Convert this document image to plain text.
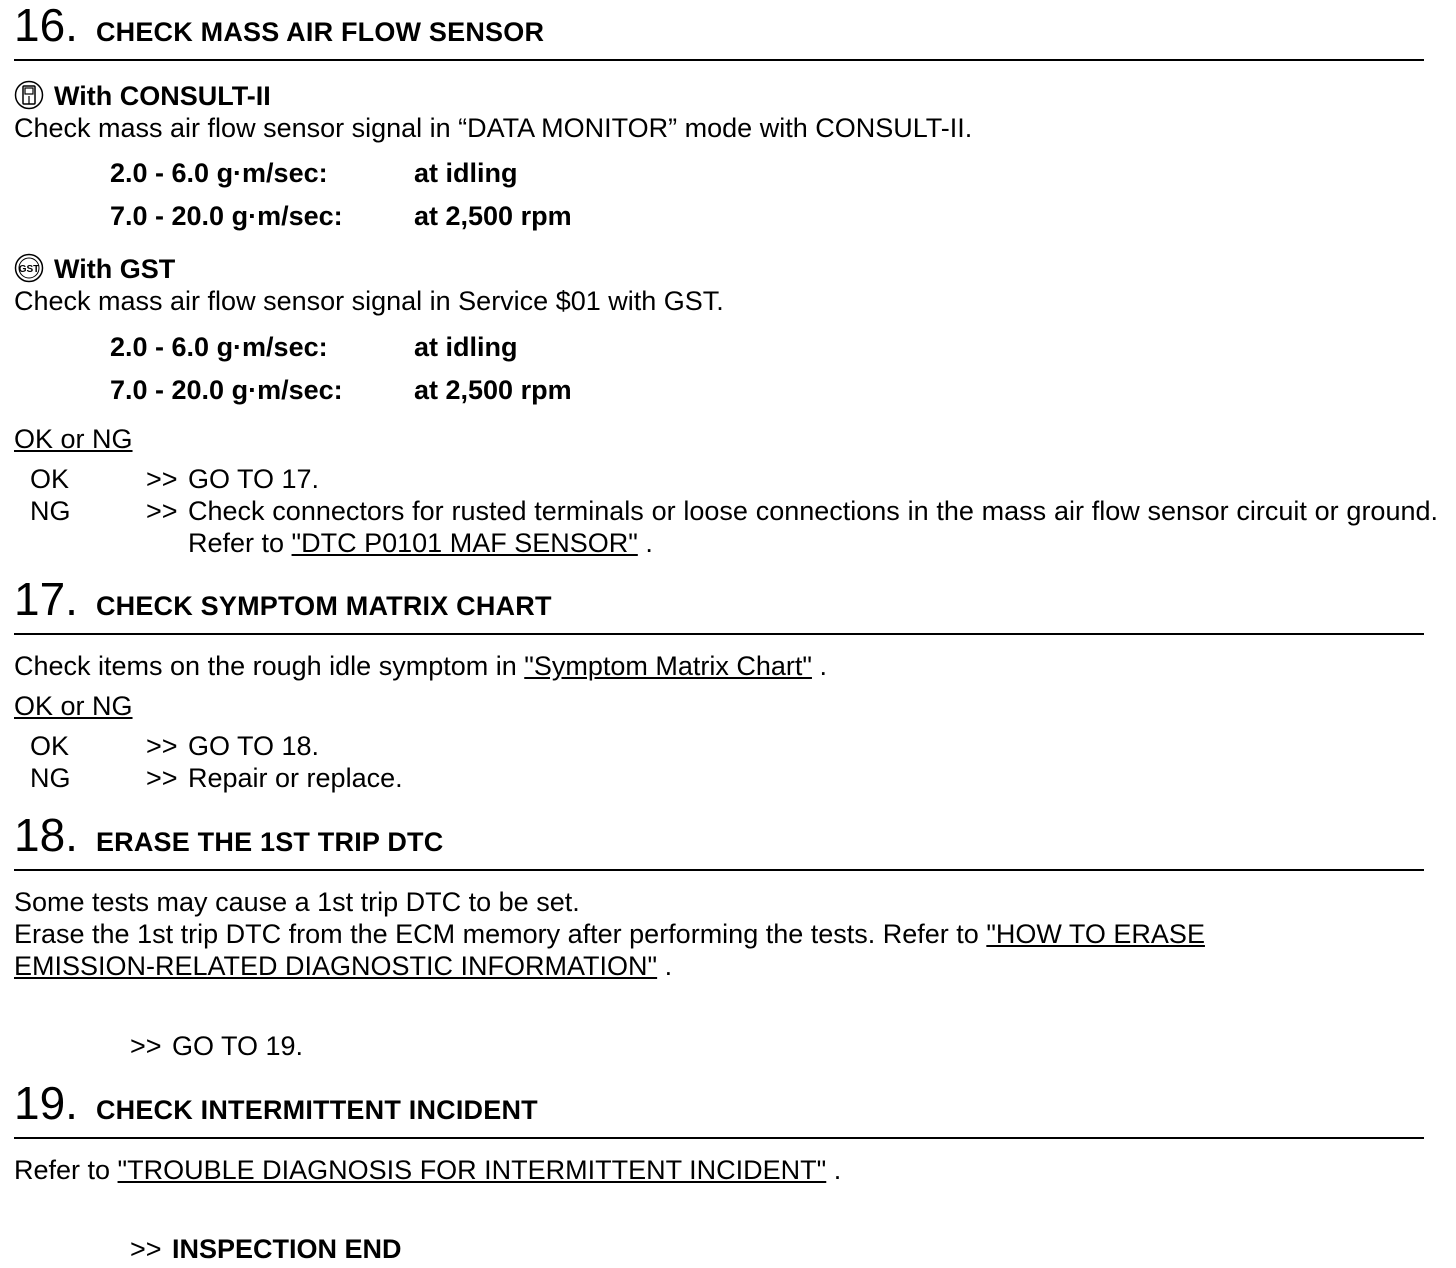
16. CHECK MASS AIR FLOW SENSOR
With CONSULT-II
Check mass air flow sensor signal in “DATA MONITOR” mode with CONSULT-II.
2.0 - 6.0 g·m/sec:	at idling
7.0 - 20.0 g·m/sec:	at 2,500 rpm
GST With GST
Check mass air flow sensor signal in Service $01 with GST.
2.0 - 6.0 g·m/sec:	at idling
7.0 - 20.0 g·m/sec:	at 2,500 rpm
OK or NG
OK	>> GO TO 17.
NG	>> Check connectors for rusted terminals or loose connections in the mass air flow sensor circuit or ground. Refer to "DTC P0101 MAF SENSOR" .
17. CHECK SYMPTOM MATRIX CHART
Check items on the rough idle symptom in "Symptom Matrix Chart" .
OK or NG
OK	>> GO TO 18.
NG	>> Repair or replace.
18. ERASE THE 1ST TRIP DTC
Some tests may cause a 1st trip DTC to be set.
Erase the 1st trip DTC from the ECM memory after performing the tests. Refer to "HOW TO ERASE
EMISSION-RELATED DIAGNOSTIC INFORMATION" .
>> GO TO 19.
19. CHECK INTERMITTENT INCIDENT
Refer to "TROUBLE DIAGNOSIS FOR INTERMITTENT INCIDENT" .
>> INSPECTION END
